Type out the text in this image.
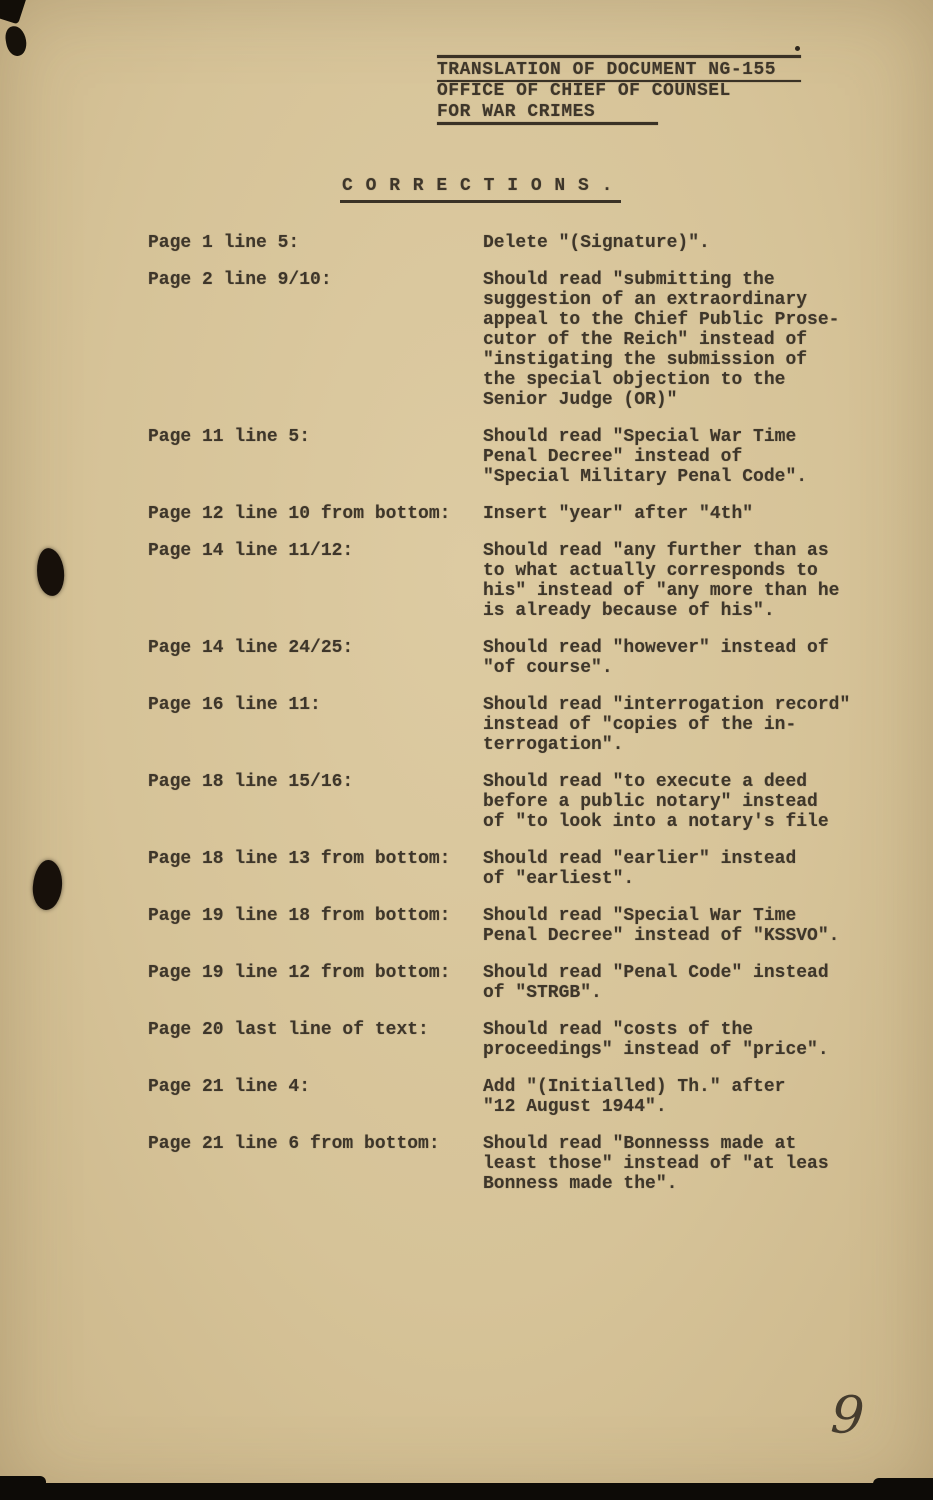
TRANSLATION OF DOCUMENT NG-155
OFFICE OF CHIEF OF COUNSEL
FOR WAR CRIMES
C O R R E C T I O N S .
Page 1 line 5:	Delete "(Signature)".
Page 2 line 9/10:	Should read "submitting the
suggestion of an extraordinary
appeal to the Chief Public Prose-
cutor of the Reich" instead of
"instigating the submission of
the special objection to the
Senior Judge (OR)"
Page 11 line 5:	Should read "Special War Time
Penal Decree" instead of
"Special Military Penal Code".
Page 12 line 10 from bottom:	Insert "year" after "4th"
Page 14 line 11/12:	Should read "any further than as
to what actually corresponds to
his" instead of "any more than he
is already because of his".
Page 14 line 24/25:	Should read "however" instead of
"of course".
Page 16 line 11:	Should read "interrogation record"
instead of "copies of the in-
terrogation".
Page 18 line 15/16:	Should read "to execute a deed
before a public notary" instead
of "to look into a notary's file
Page 18 line 13 from bottom:	Should read "earlier" instead
of "earliest".
Page 19 line 18 from bottom:	Should read "Special War Time
Penal Decree" instead of "KSSVO".
Page 19 line 12 from bottom:	Should read "Penal Code" instead
of "STRGB".
Page 20 last line of text:	Should read "costs of the
proceedings" instead of "price".
Page 21 line 4:	Add "(Initialled) Th." after
"12 August 1944".
Page 21 line 6 from bottom:	Should read "Bonnesss made at
least those" instead of "at leas
Bonness made the".
9
